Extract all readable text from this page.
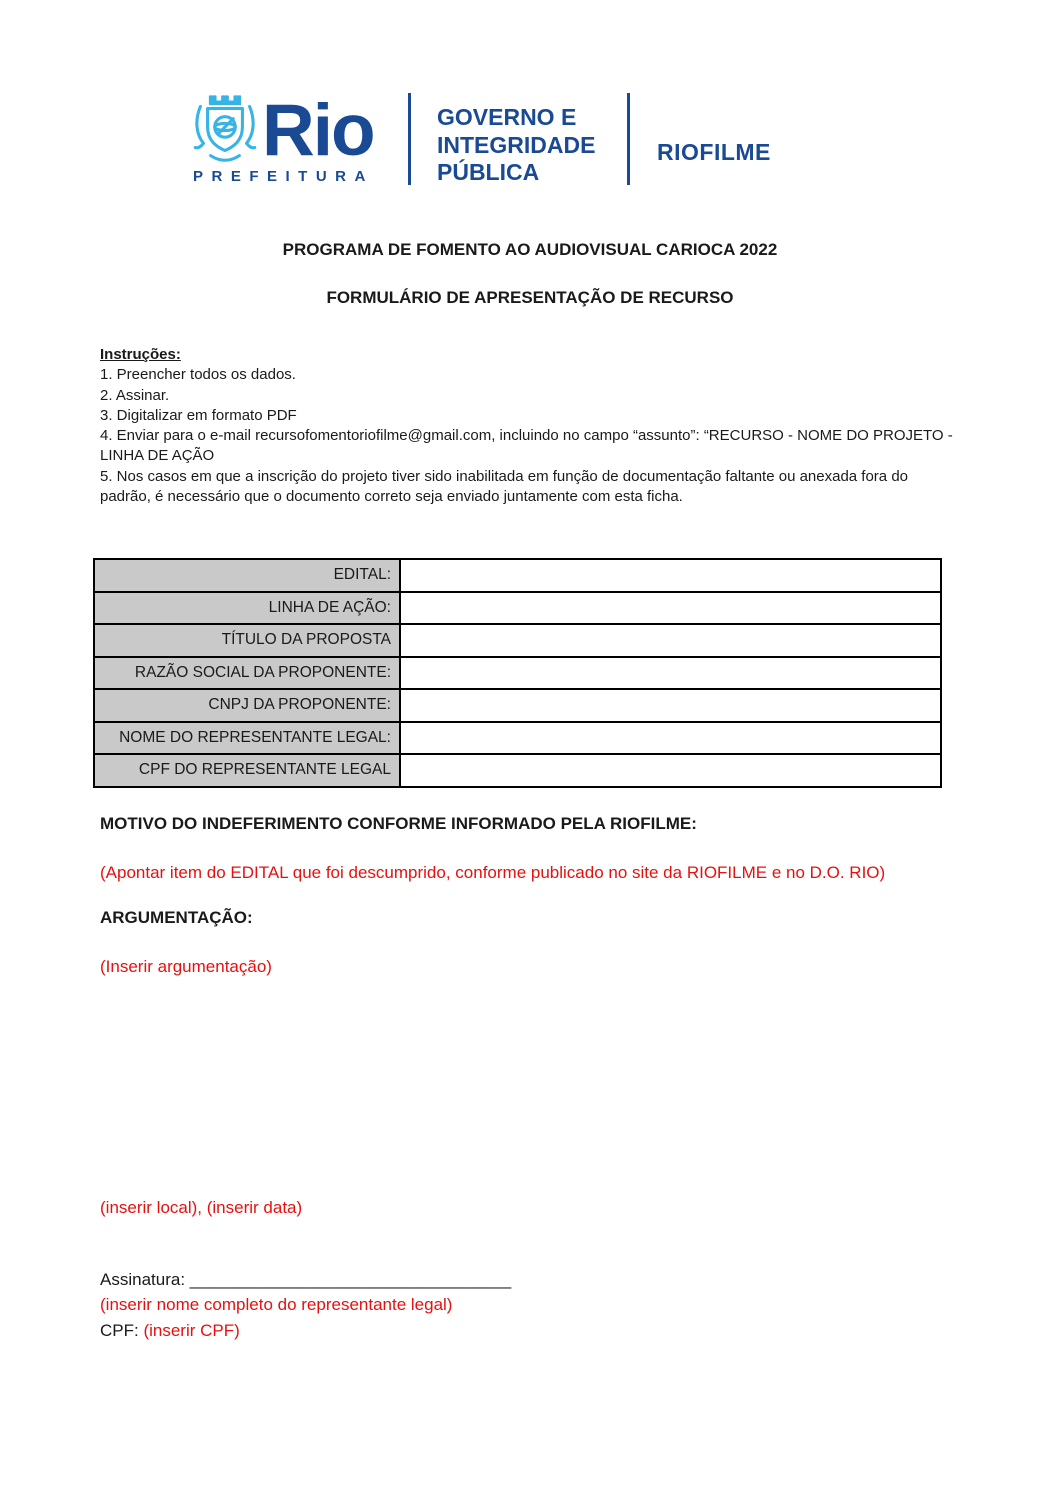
Rio
PREFEITURA
GOVERNO E
INTEGRIDADE
PÚBLICA
RIOFILME
PROGRAMA DE FOMENTO AO AUDIOVISUAL CARIOCA 2022
FORMULÁRIO DE APRESENTAÇÃO DE RECURSO
Instruções:
1. Preencher todos os dados.
2. Assinar.
3. Digitalizar em formato PDF
4. Enviar para o e-mail recursofomentoriofilme@gmail.com, incluindo no campo “assunto”: “RECURSO - NOME DO PROJETO - LINHA DE AÇÃO
5. Nos casos em que a inscrição do projeto tiver sido inabilitada em função de documentação faltante ou anexada fora do padrão, é necessário que o documento correto seja enviado juntamente com esta ficha.
EDITAL:	
LINHA DE AÇÃO:	
TÍTULO DA PROPOSTA	
RAZÃO SOCIAL DA PROPONENTE:	
CNPJ DA PROPONENTE:	
NOME DO REPRESENTANTE LEGAL:	
CPF DO REPRESENTANTE LEGAL	
MOTIVO DO INDEFERIMENTO CONFORME INFORMADO PELA RIOFILME:
(Apontar item do EDITAL que foi descumprido, conforme publicado no site da RIOFILME e no D.O. RIO)
ARGUMENTAÇÃO:
(Inserir argumentação)
(inserir local), (inserir data)
Assinatura: __________________________________
(inserir nome completo do representante legal)
CPF: (inserir CPF)
